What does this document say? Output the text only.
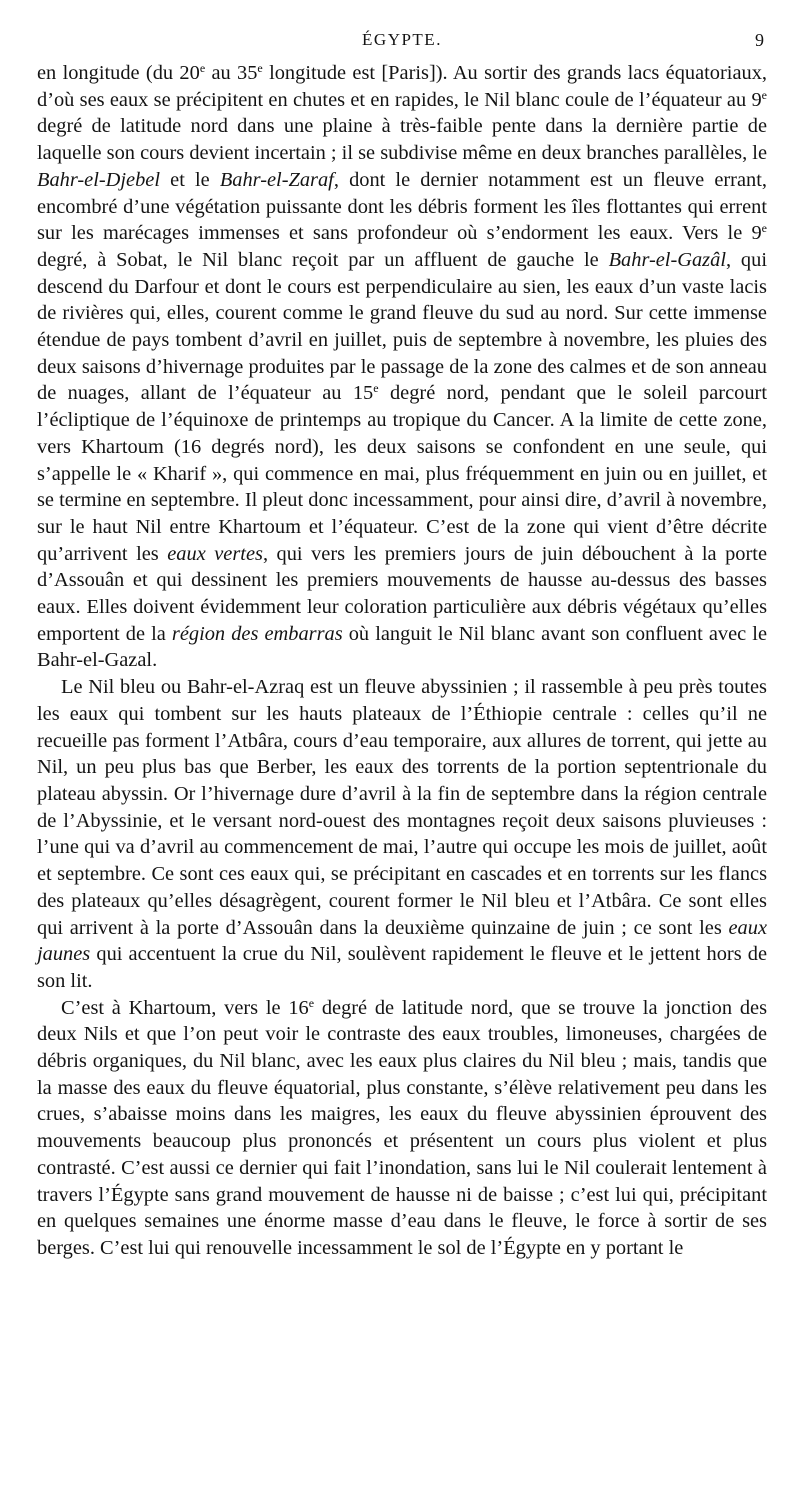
ÉGYPTE.	9

en longitude (du 20e au 35e longitude est [Paris]). Au sortir des grands lacs équatoriaux, d’où ses eaux se précipitent en chutes et en rapides, le Nil blanc coule de l’équateur au 9e degré de latitude nord dans une plaine à très-faible pente dans la dernière partie de laquelle son cours devient incertain ; il se subdivise même en deux branches parallèles, le Bahr-el-Djebel et le Bahr-el-Zaraf, dont le dernier notamment est un fleuve errant, encombré d’une végétation puissante dont les débris forment les îles flottantes qui errent sur les marécages immenses et sans profondeur où s’endorment les eaux. Vers le 9e degré, à Sobat, le Nil blanc reçoit par un affluent de gauche le Bahr-el-Gazâl, qui descend du Darfour et dont le cours est perpendiculaire au sien, les eaux d’un vaste lacis de rivières qui, elles, courent comme le grand fleuve du sud au nord. Sur cette immense étendue de pays tombent d’avril en juillet, puis de septembre à novembre, les pluies des deux saisons d’hivernage produites par le passage de la zone des calmes et de son anneau de nuages, allant de l’équateur au 15e degré nord, pendant que le soleil parcourt l’écliptique de l’équinoxe de printemps au tropique du Cancer. A la limite de cette zone, vers Khartoum (16 degrés nord), les deux saisons se confondent en une seule, qui s’appelle le « Kharif », qui commence en mai, plus fréquemment en juin ou en juillet, et se termine en septembre. Il pleut donc incessamment, pour ainsi dire, d’avril à novembre, sur le haut Nil entre Khartoum et l’équateur. C’est de la zone qui vient d’être décrite qu’arrivent les eaux vertes, qui vers les premiers jours de juin débouchent à la porte d’Assouân et qui dessinent les premiers mouvements de hausse au-dessus des basses eaux. Elles doivent évidemment leur coloration particulière aux débris végétaux qu’elles emportent de la région des embarras où languit le Nil blanc avant son confluent avec le Bahr-el-Gazal.

Le Nil bleu ou Bahr-el-Azraq est un fleuve abyssinien ; il rassemble à peu près toutes les eaux qui tombent sur les hauts plateaux de l’Éthiopie centrale : celles qu’il ne recueille pas forment l’Atbâra, cours d’eau temporaire, aux allures de torrent, qui jette au Nil, un peu plus bas que Berber, les eaux des torrents de la portion septentrionale du plateau abyssin. Or l’hivernage dure d’avril à la fin de septembre dans la région centrale de l’Abyssinie, et le versant nord-ouest des montagnes reçoit deux saisons pluvieuses : l’une qui va d’avril au commencement de mai, l’autre qui occupe les mois de juillet, août et septembre. Ce sont ces eaux qui, se précipitant en cascades et en torrents sur les flancs des plateaux qu’elles désagrègent, courent former le Nil bleu et l’Atbâra. Ce sont elles qui arrivent à la porte d’Assouân dans la deuxième quinzaine de juin ; ce sont les eaux jaunes qui accentuent la crue du Nil, soulèvent rapidement le fleuve et le jettent hors de son lit.

C’est à Khartoum, vers le 16e degré de latitude nord, que se trouve la jonction des deux Nils et que l’on peut voir le contraste des eaux troubles, limoneuses, chargées de débris organiques, du Nil blanc, avec les eaux plus claires du Nil bleu ; mais, tandis que la masse des eaux du fleuve équatorial, plus constante, s’élève relativement peu dans les crues, s’abaisse moins dans les maigres, les eaux du fleuve abyssinien éprouvent des mouvements beaucoup plus prononcés et présentent un cours plus violent et plus contrasté. C’est aussi ce dernier qui fait l’inondation, sans lui le Nil coulerait lentement à travers l’Égypte sans grand mouvement de hausse ni de baisse ; c’est lui qui, précipitant en quelques semaines une énorme masse d’eau dans le fleuve, le force à sortir de ses berges. C’est lui qui renouvelle incessamment le sol de l’Égypte en y portant le
